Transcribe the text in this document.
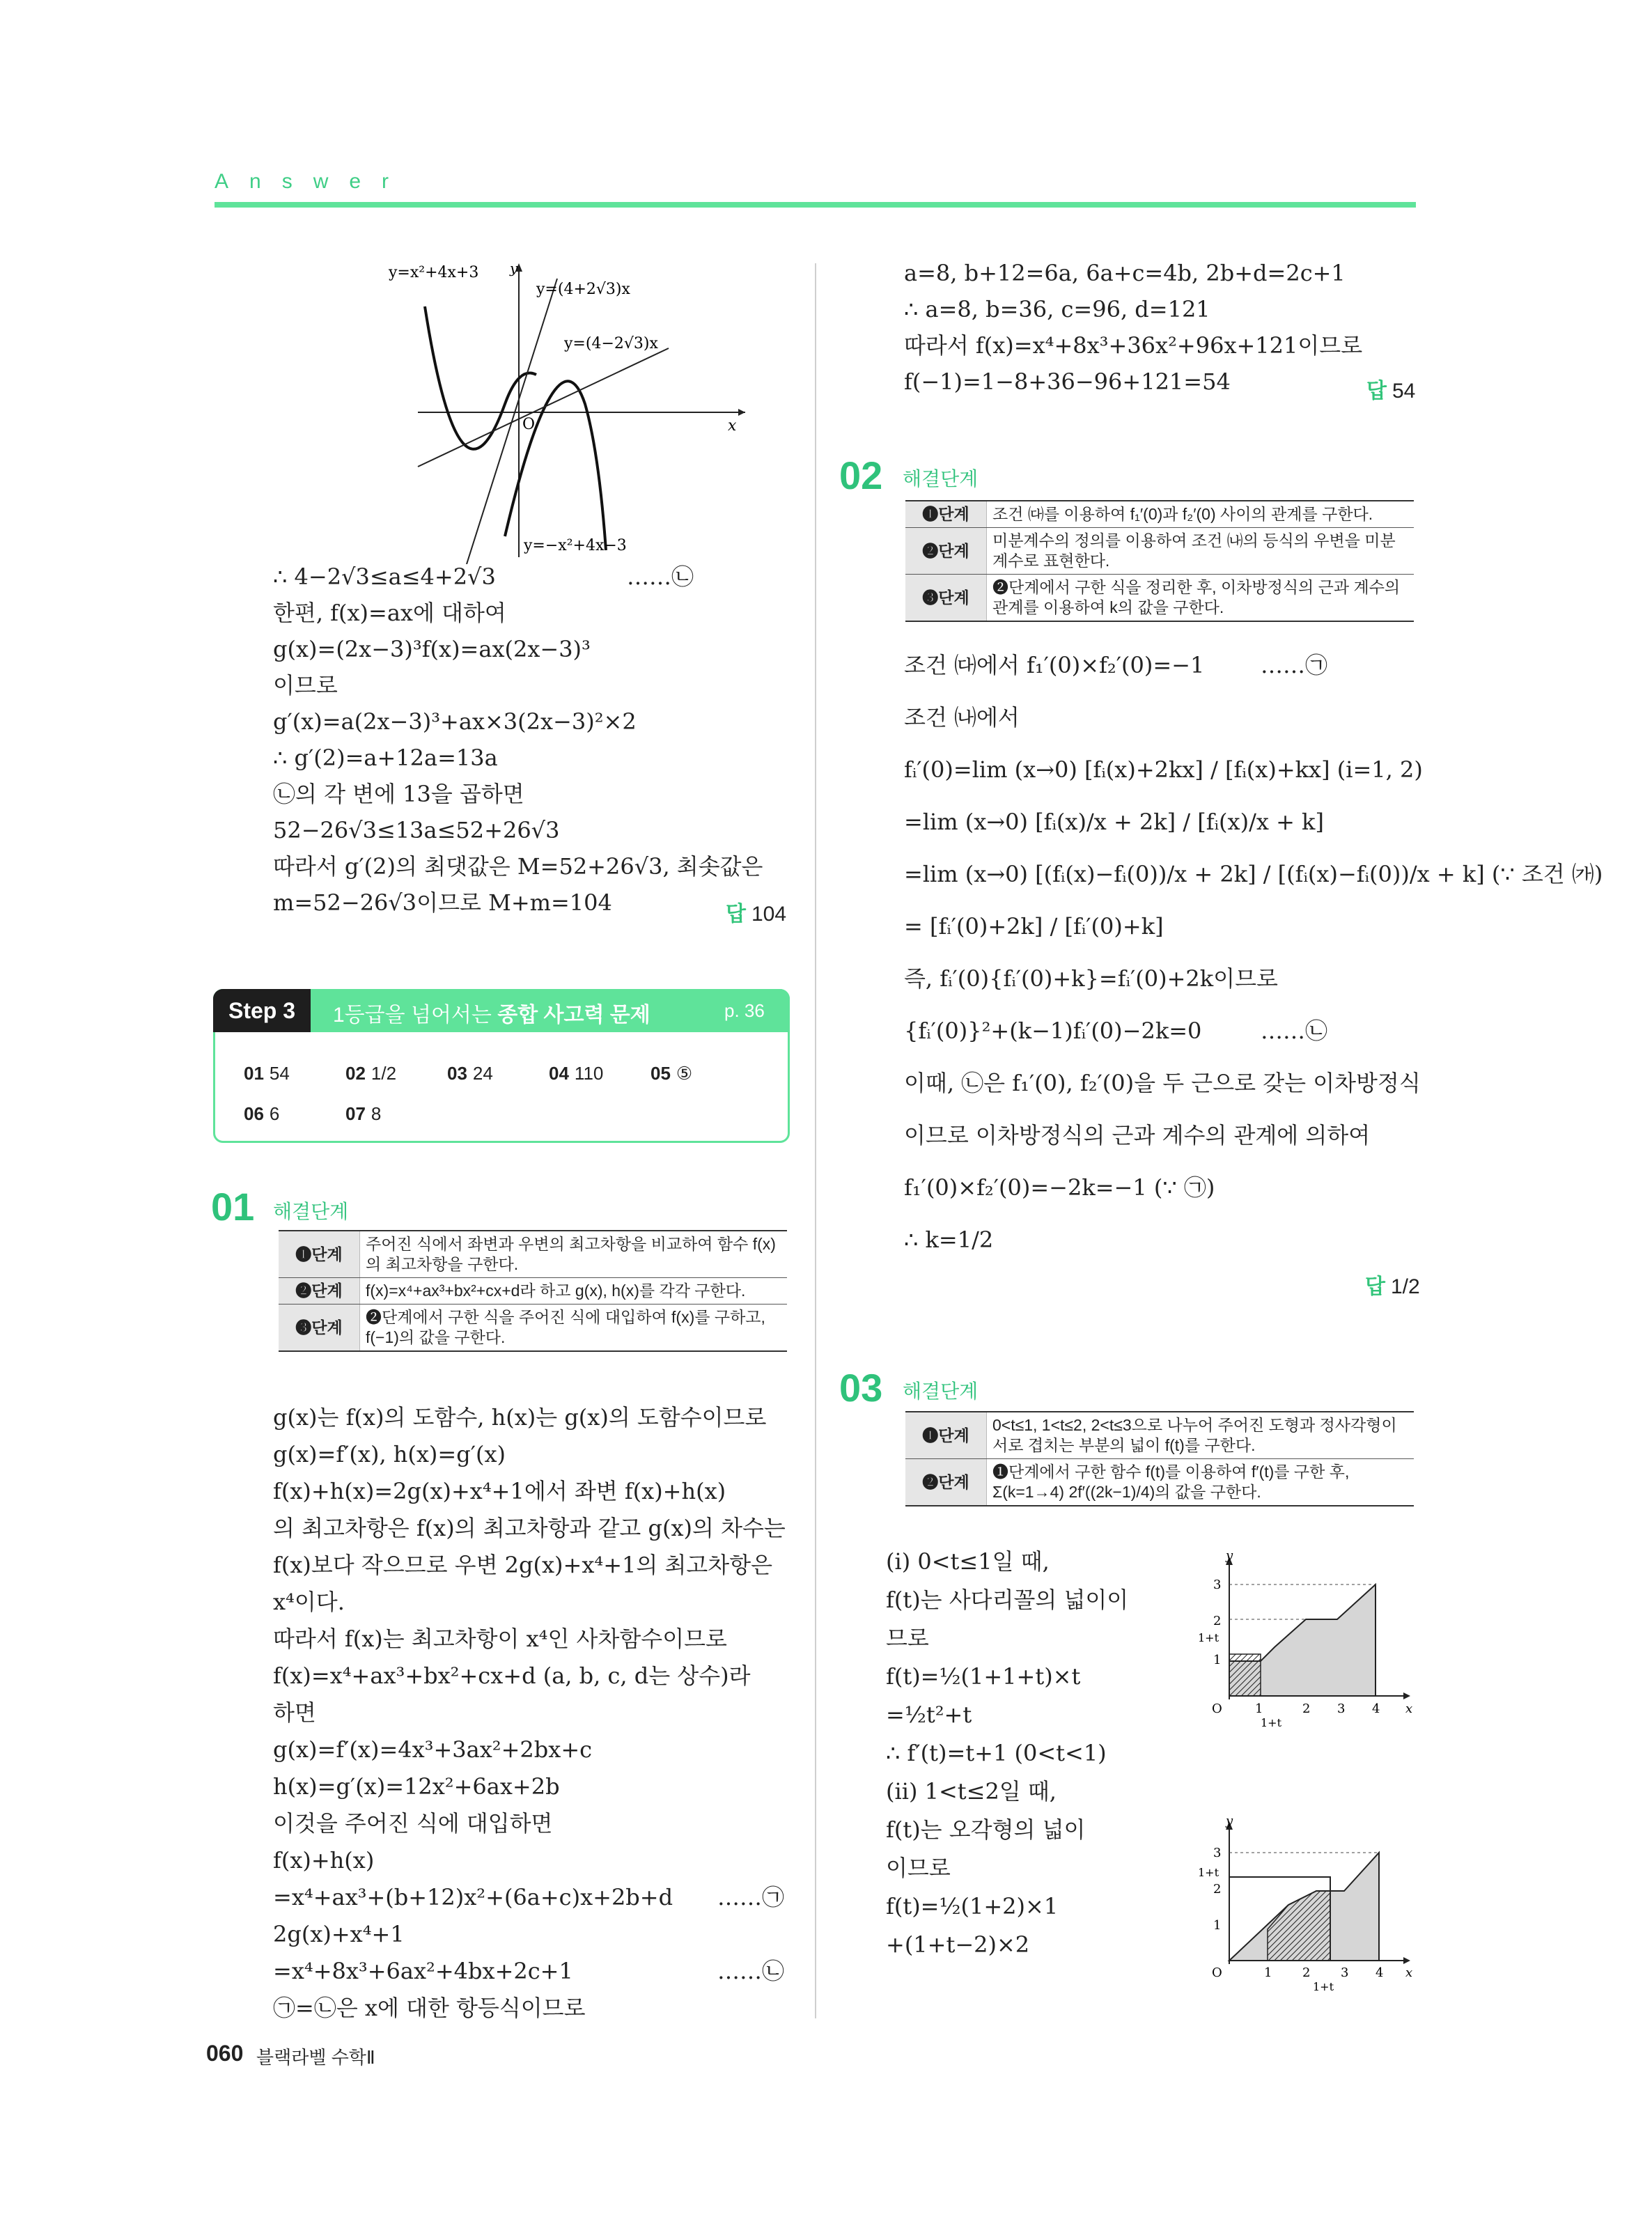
Answer
y=x²+4x+3 y
y=(4+2√3)x
y=(4−2√3)x
O	x
y=−x²+4x−3
∴ 4−2√3≤a≤4+2√3	……㉡
한편, f(x)=ax에 대하여
g(x)=(2x−3)³f(x)=ax(2x−3)³
이므로
g′(x)=a(2x−3)³+ax×3(2x−3)²×2
∴ g′(2)=a+12a=13a
㉡의 각 변에 13을 곱하면
52−26√3≤13a≤52+26√3
따라서 g′(2)의 최댓값은 M=52+26√3, 최솟값은
m=52−26√3이므로 M+m=104	답 104
Step 3	1등급을 넘어서는 종합 사고력 문제	p. 36
01 54	02 1/2	03 24	04 110	05 ⑤
06 6	07 8
01 해결단계
❶단계	주어진 식에서 좌변과 우변의 최고차항을 비교하여 함수 f(x)의 최고차항을 구한다.
❷단계	f(x)=x⁴+ax³+bx²+cx+d라 하고 g(x), h(x)를 각각 구한다.
❸단계	❷단계에서 구한 식을 주어진 식에 대입하여 f(x)를 구하고, f(−1)의 값을 구한다.
g(x)는 f(x)의 도함수, h(x)는 g(x)의 도함수이므로
g(x)=f′(x), h(x)=g′(x)
f(x)+h(x)=2g(x)+x⁴+1에서 좌변 f(x)+h(x)
의 최고차항은 f(x)의 최고차항과 같고 g(x)의 차수는
f(x)보다 작으므로 우변 2g(x)+x⁴+1의 최고차항은
x⁴이다.
따라서 f(x)는 최고차항이 x⁴인 사차함수이므로
f(x)=x⁴+ax³+bx²+cx+d (a, b, c, d는 상수)라
하면
g(x)=f′(x)=4x³+3ax²+2bx+c
h(x)=g′(x)=12x²+6ax+2b
이것을 주어진 식에 대입하면
f(x)+h(x)
=x⁴+ax³+(b+12)x²+(6a+c)x+2b+d ……㉠
2g(x)+x⁴+1
=x⁴+8x³+6ax²+4bx+2c+1	……㉡
㉠=㉡은 x에 대한 항등식이므로
a=8, b+12=6a, 6a+c=4b, 2b+d=2c+1
∴ a=8, b=36, c=96, d=121
따라서 f(x)=x⁴+8x³+36x²+96x+121이므로
f(−1)=1−8+36−96+121=54	답 54
02 해결단계
❶단계	조건 ㈐를 이용하여 f₁′(0)과 f₂′(0) 사이의 관계를 구한다.
❷단계	미분계수의 정의를 이용하여 조건 ㈏의 등식의 우변을 미분계수로 표현한다.
❸단계	❷단계에서 구한 식을 정리한 후, 이차방정식의 근과 계수의 관계를 이용하여 k의 값을 구한다.
조건 ㈐에서 f₁′(0)×f₂′(0)=−1	……㉠
조건 ㈏에서
fᵢ′(0)=lim (x→0) [fᵢ(x)+2kx] / [fᵢ(x)+kx] (i=1, 2)
=lim (x→0) [fᵢ(x)/x + 2k] / [fᵢ(x)/x + k]
=lim (x→0) [(fᵢ(x)−fᵢ(0))/x + 2k] / [(fᵢ(x)−fᵢ(0))/x + k] (∵ 조건 ㈎)
= [fᵢ′(0)+2k] / [fᵢ′(0)+k]
즉, fᵢ′(0){fᵢ′(0)+k}=fᵢ′(0)+2k이므로
{fᵢ′(0)}²+(k−1)fᵢ′(0)−2k=0	……㉡
이때, ㉡은 f₁′(0), f₂′(0)을 두 근으로 갖는 이차방정식
이므로 이차방정식의 근과 계수의 관계에 의하여
f₁′(0)×f₂′(0)=−2k=−1 (∵ ㉠)
∴ k=1/2
답 1/2
03 해결단계
❶단계	0<t≤1, 1<t≤2, 2<t≤3으로 나누어 주어진 도형과 정사각형이 서로 겹치는 부분의 넓이 f(t)를 구한다.
❷단계	❶단계에서 구한 함수 f(t)를 이용하여 f′(t)를 구한 후, Σ(k=1→4) 2f′((2k−1)/4)의 값을 구한다.
(ⅰ) 0<t≤1일 때,
f(t)는 사다리꼴의 넓이이
므로
f(t)=½(1+1+t)×t
=½t²+t
∴ f′(t)=t+1 (0<t<1)
(ⅱ) 1<t≤2일 때,
f(t)는 오각형의 넓이
이므로
f(t)=½(1+2)×1
+(1+t−2)×2
y
3
2
1+t
1
O	1	2 3 4 x
1+t
y
3
2
1+t
1
O	1 2 3 4 x
1+t
060 블랙라벨 수학Ⅱ
